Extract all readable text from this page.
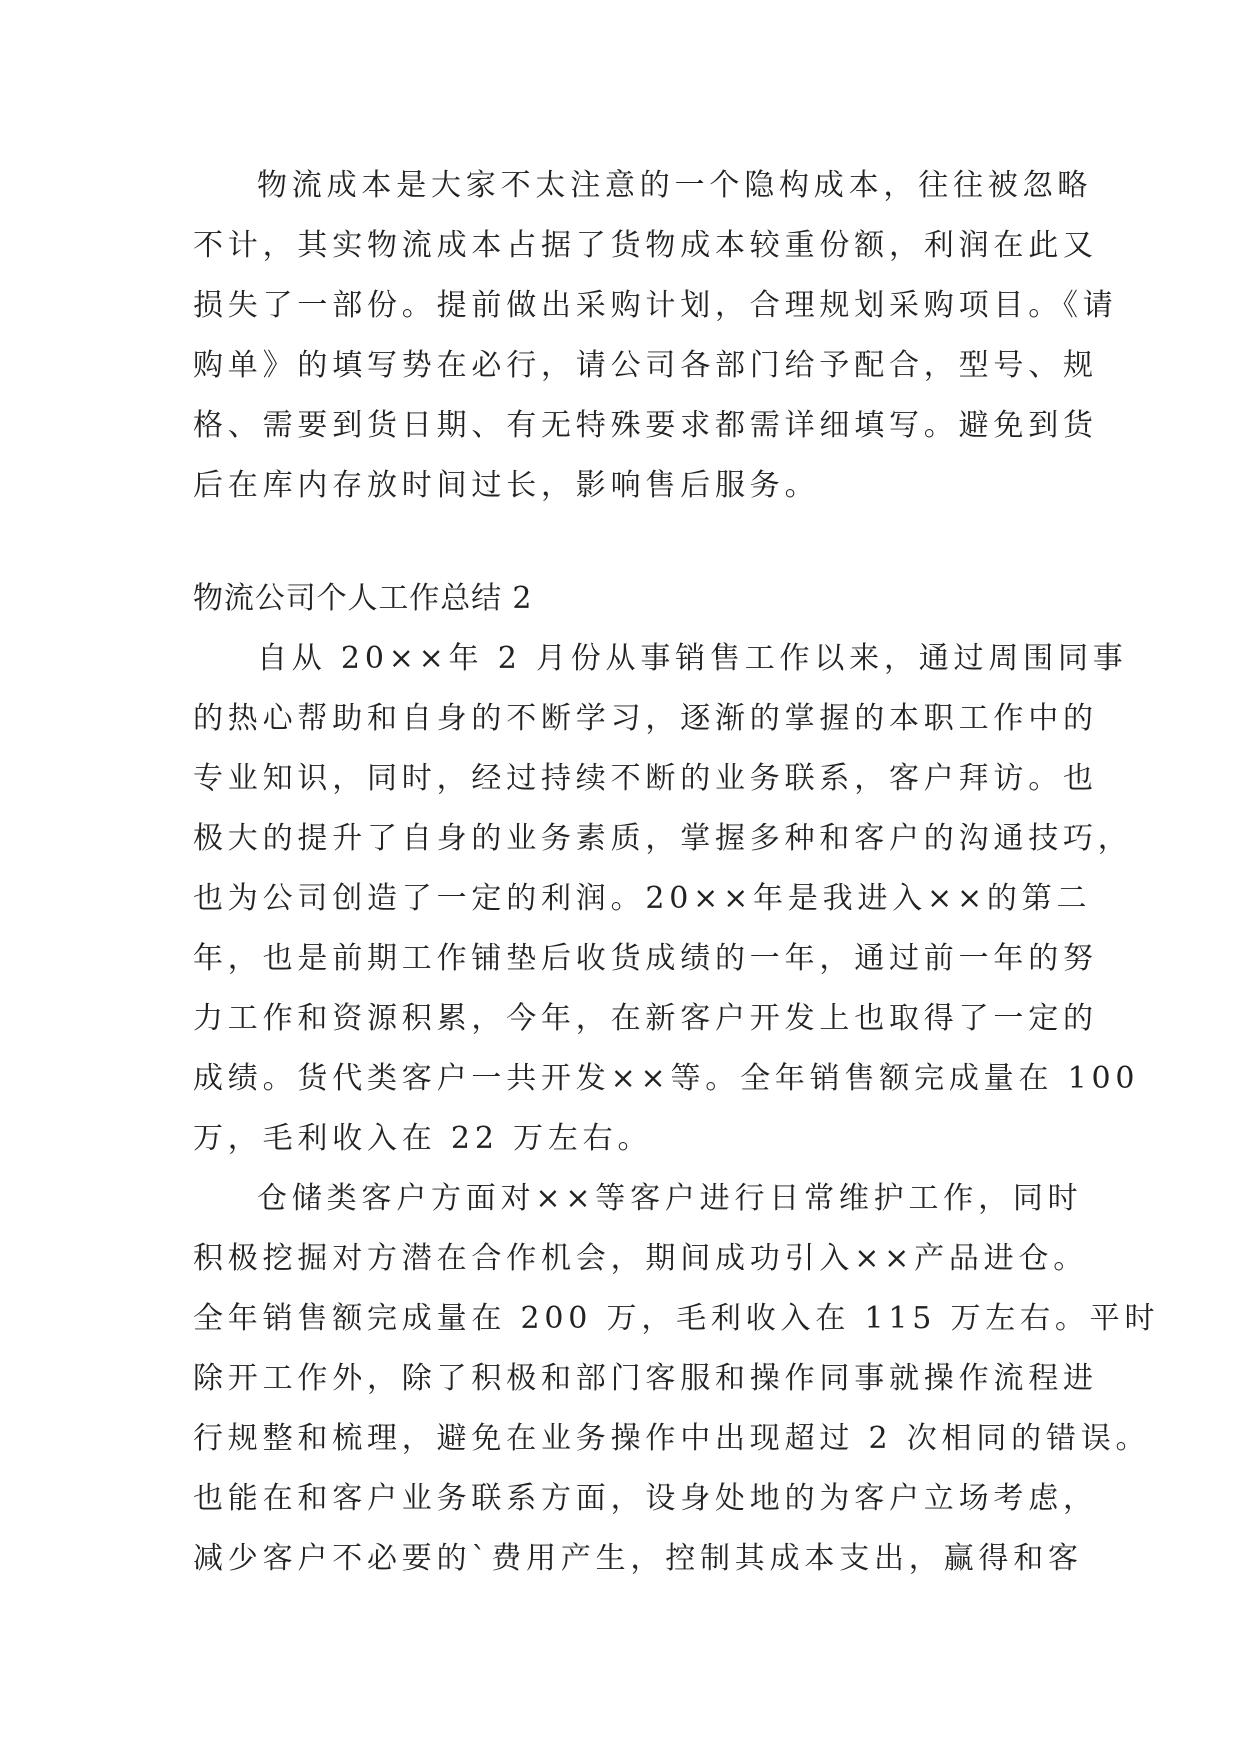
物流成本是大家不太注意的一个隐构成本，往往被忽略
不计，其实物流成本占据了货物成本较重份额，利润在此又
损失了一部份。提前做出采购计划，合理规划采购项目。《请
购单》的填写势在必行，请公司各部门给予配合，型号、规
格、需要到货日期、有无特殊要求都需详细填写。避免到货
后在库内存放时间过长，影响售后服务。
物流公司个人工作总结 2
自从 20××年 2 月份从事销售工作以来，通过周围同事
的热心帮助和自身的不断学习，逐渐的掌握的本职工作中的
专业知识，同时，经过持续不断的业务联系，客户拜访。也
极大的提升了自身的业务素质，掌握多种和客户的沟通技巧，
也为公司创造了一定的利润。20××年是我进入××的第二
年，也是前期工作铺垫后收货成绩的一年，通过前一年的努
力工作和资源积累，今年，在新客户开发上也取得了一定的
成绩。货代类客户一共开发××等。全年销售额完成量在 100
万，毛利收入在 22 万左右。
仓储类客户方面对××等客户进行日常维护工作，同时
积极挖掘对方潜在合作机会，期间成功引入××产品进仓。
全年销售额完成量在 200 万，毛利收入在 115 万左右。平时
除开工作外，除了积极和部门客服和操作同事就操作流程进
行规整和梳理，避免在业务操作中出现超过 2 次相同的错误。
也能在和客户业务联系方面，设身处地的为客户立场考虑，
减少客户不必要的`费用产生，控制其成本支出，赢得和客
